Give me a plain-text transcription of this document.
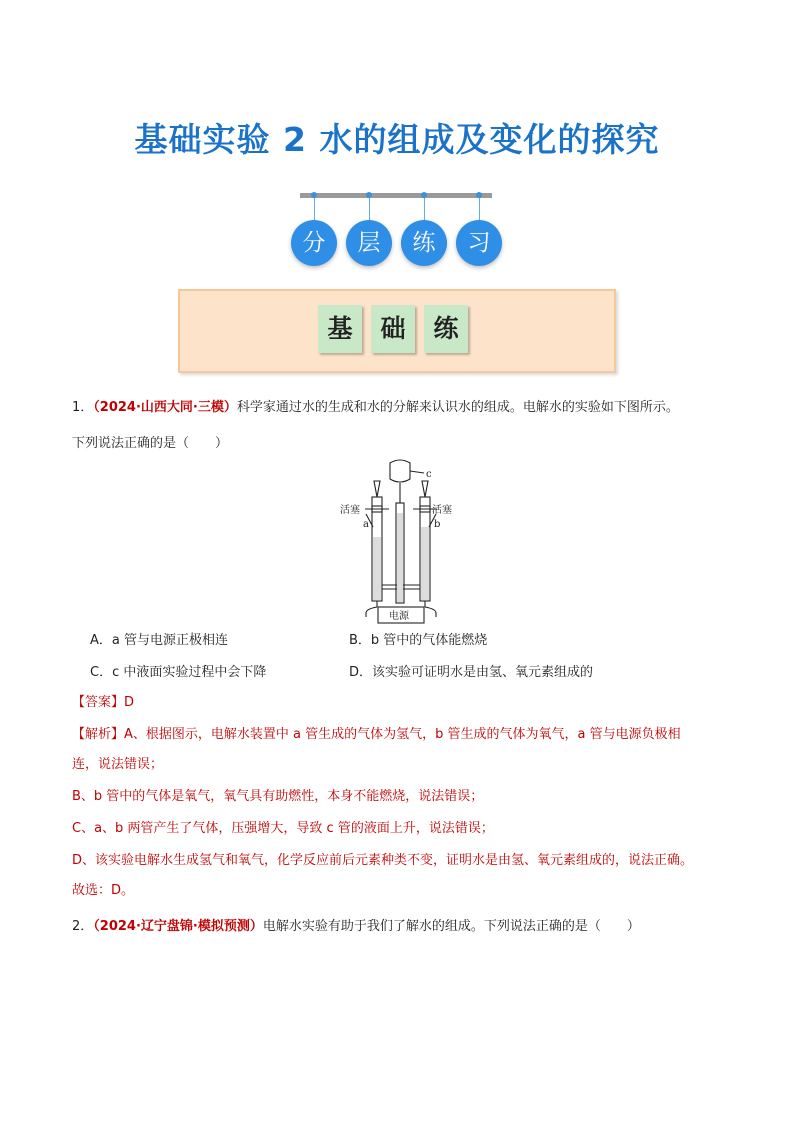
基础实验 2 水的组成及变化的探究
分	层	练	习
基	础	练
1．（2024·山西大同·三模）科学家通过水的生成和水的分解来认识水的组成。电解水的实验如下图所示。
下列说法正确的是（　　）
c
活塞	活塞
a	b
电源
A．a 管与电源正极相连	B．b 管中的气体能燃烧
C．c 中液面实验过程中会下降	D．该实验可证明水是由氢、氧元素组成的
【答案】D
【解析】A、根据图示，电解水装置中 a 管生成的气体为氢气，b 管生成的气体为氧气，a 管与电源负极相
连，说法错误；
B、b 管中的气体是氧气，氧气具有助燃性，本身不能燃烧，说法错误；
C、a、b 两管产生了气体，压强增大，导致 c 管的液面上升，说法错误；
D、该实验电解水生成氢气和氧气，化学反应前后元素种类不变，证明水是由氢、氧元素组成的，说法正确。
故选：D。
2．（2024·辽宁盘锦·模拟预测）电解水实验有助于我们了解水的组成。下列说法正确的是（　　）
